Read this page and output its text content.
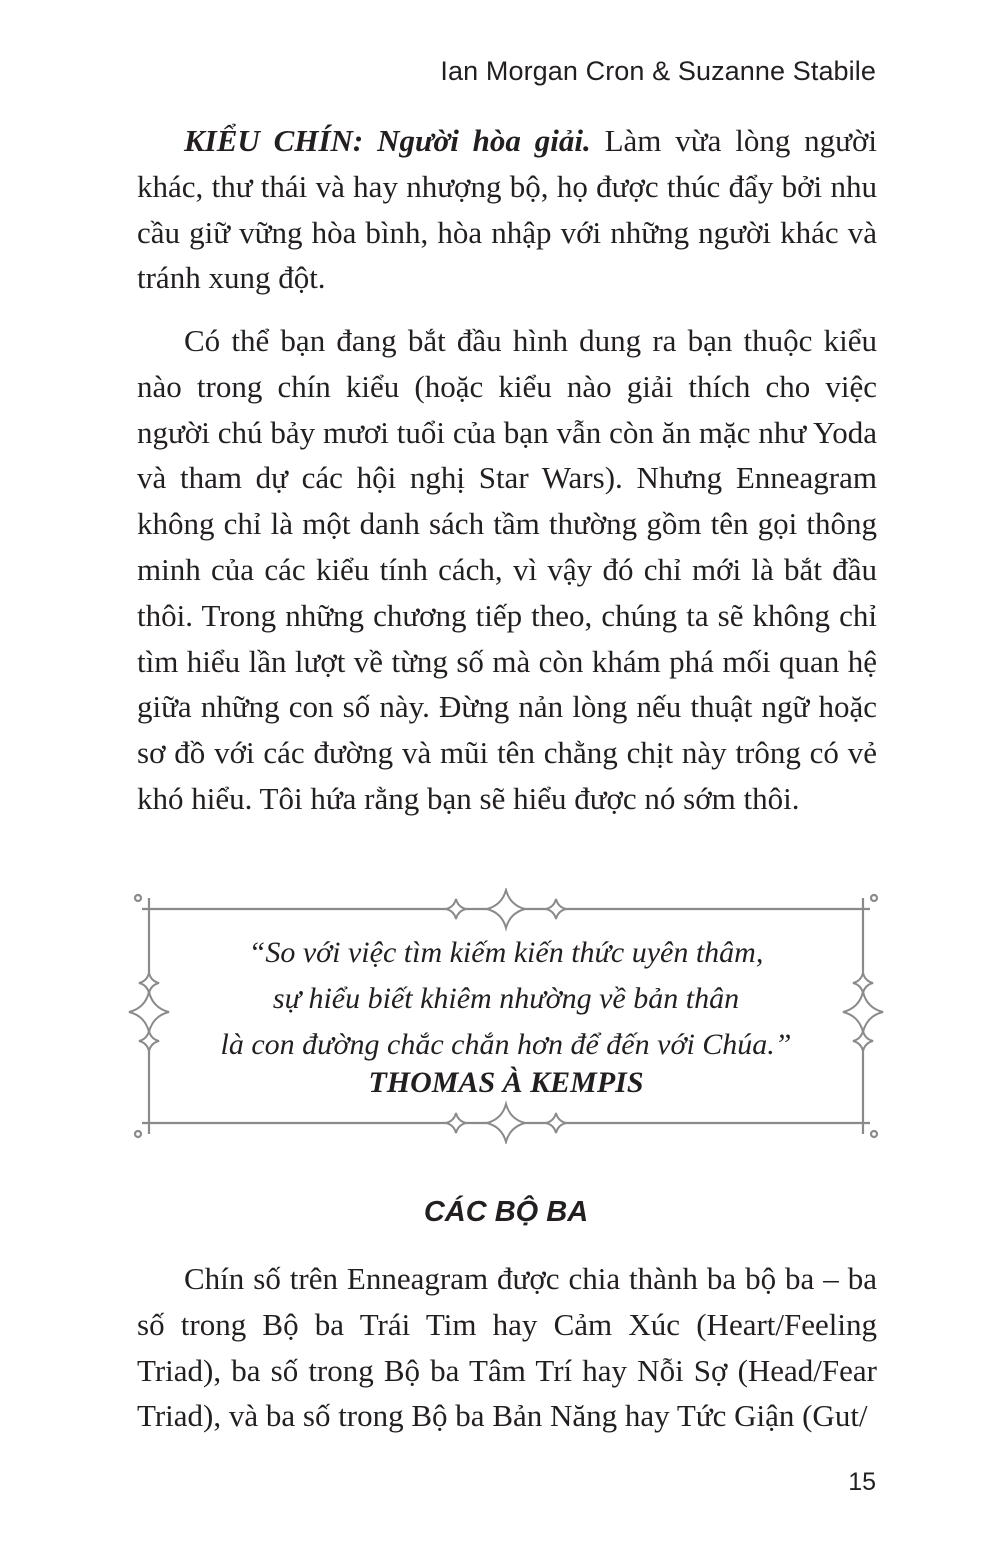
Ian Morgan Cron & Suzanne Stabile

KIỂU CHÍN: Người hòa giải. Làm vừa lòng người khác, thư thái và hay nhượng bộ, họ được thúc đẩy bởi nhu cầu giữ vững hòa bình, hòa nhập với những người khác và tránh xung đột.

Có thể bạn đang bắt đầu hình dung ra bạn thuộc kiểu nào trong chín kiểu (hoặc kiểu nào giải thích cho việc người chú bảy mươi tuổi của bạn vẫn còn ăn mặc như Yoda và tham dự các hội nghị Star Wars). Nhưng Enneagram không chỉ là một danh sách tầm thường gồm tên gọi thông minh của các kiểu tính cách, vì vậy đó chỉ mới là bắt đầu thôi. Trong những chương tiếp theo, chúng ta sẽ không chỉ tìm hiểu lần lượt về từng số mà còn khám phá mối quan hệ giữa những con số này. Đừng nản lòng nếu thuật ngữ hoặc sơ đồ với các đường và mũi tên chằng chịt này trông có vẻ khó hiểu. Tôi hứa rằng bạn sẽ hiểu được nó sớm thôi.

“So với việc tìm kiếm kiến thức uyên thâm,
sự hiểu biết khiêm nhường về bản thân
là con đường chắc chắn hơn để đến với Chúa.”

THOMAS À KEMPIS
CÁC BỘ BA

Chín số trên Enneagram được chia thành ba bộ ba – ba số trong Bộ ba Trái Tim hay Cảm Xúc (Heart/Feeling Triad), ba số trong Bộ ba Tâm Trí hay Nỗi Sợ (Head/Fear Triad), và ba số trong Bộ ba Bản Năng hay Tức Giận (Gut/

15
